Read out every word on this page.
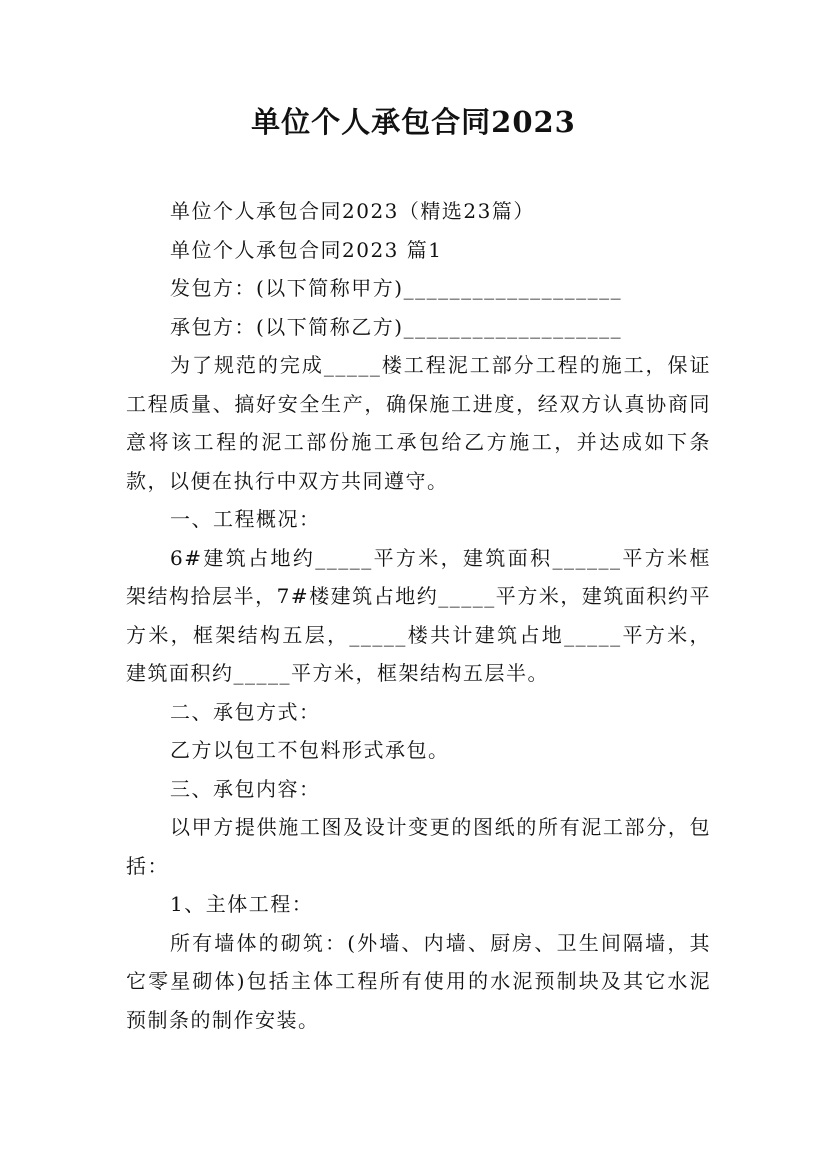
单位个人承包合同2023

单位个人承包合同2023（精选23篇）

单位个人承包合同2023 篇1

发包方：(以下简称甲方)___________________

承包方：(以下简称乙方)___________________

为了规范的完成_____楼工程泥工部分工程的施工，保证工程质量、搞好安全生产，确保施工进度，经双方认真协商同意将该工程的泥工部份施工承包给乙方施工，并达成如下条款，以便在执行中双方共同遵守。

一、工程概况：

6#建筑占地约_____平方米，建筑面积______平方米框架结构拾层半，7#楼建筑占地约_____平方米，建筑面积约平方米，框架结构五层，_____楼共计建筑占地_____平方米，建筑面积约_____平方米，框架结构五层半。

二、承包方式：

乙方以包工不包料形式承包。

三、承包内容：

以甲方提供施工图及设计变更的图纸的所有泥工部分，包括：

1、主体工程：

所有墙体的砌筑：(外墙、内墙、厨房、卫生间隔墙，其它零星砌体)包括主体工程所有使用的水泥预制块及其它水泥预制条的制作安装。
